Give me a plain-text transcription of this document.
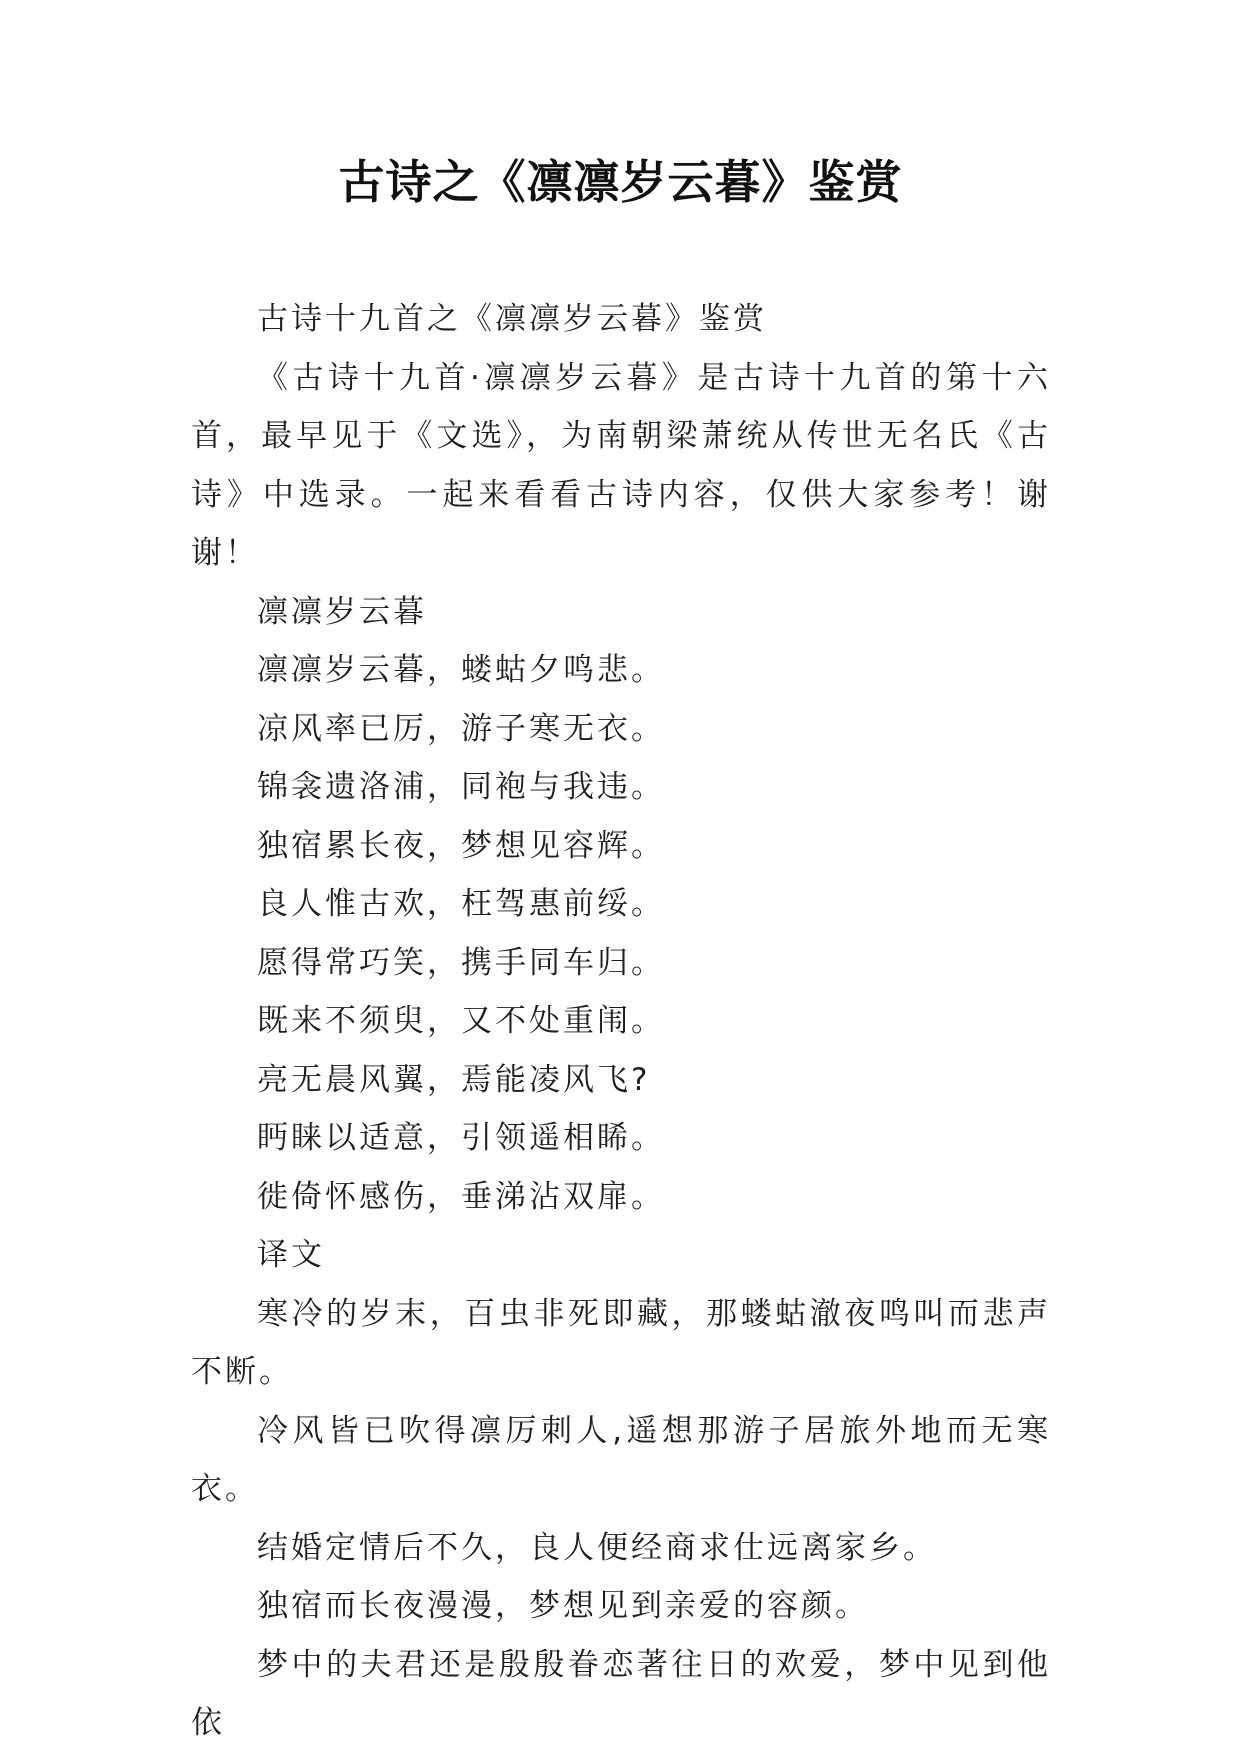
古诗之《凛凛岁云暮》鉴赏

古诗十九首之《凛凛岁云暮》鉴赏

《古诗十九首·凛凛岁云暮》是古诗十九首的第十六首，最早见于《文选》，为南朝梁萧统从传世无名氏《古诗》中选录。一起来看看古诗内容，仅供大家参考！谢谢！

凛凛岁云暮

凛凛岁云暮，蝼蛄夕鸣悲。

凉风率已厉，游子寒无衣。

锦衾遗洛浦，同袍与我违。

独宿累长夜，梦想见容辉。

良人惟古欢，枉驾惠前绥。

愿得常巧笑，携手同车归。

既来不须臾，又不处重闱。

亮无晨风翼，焉能凌风飞?

眄睐以适意，引领遥相睎。

徙倚怀感伤，垂涕沾双扉。

译文

寒冷的岁末，百虫非死即藏，那蝼蛄澈夜鸣叫而悲声不断。

冷风皆已吹得凛厉刺人,遥想那游子居旅外地而无寒衣。

结婚定情后不久，良人便经商求仕远离家乡。

独宿而长夜漫漫，梦想见到亲爱的容颜。

梦中的夫君还是殷殷眷恋著往日的欢爱，梦中见到他依
